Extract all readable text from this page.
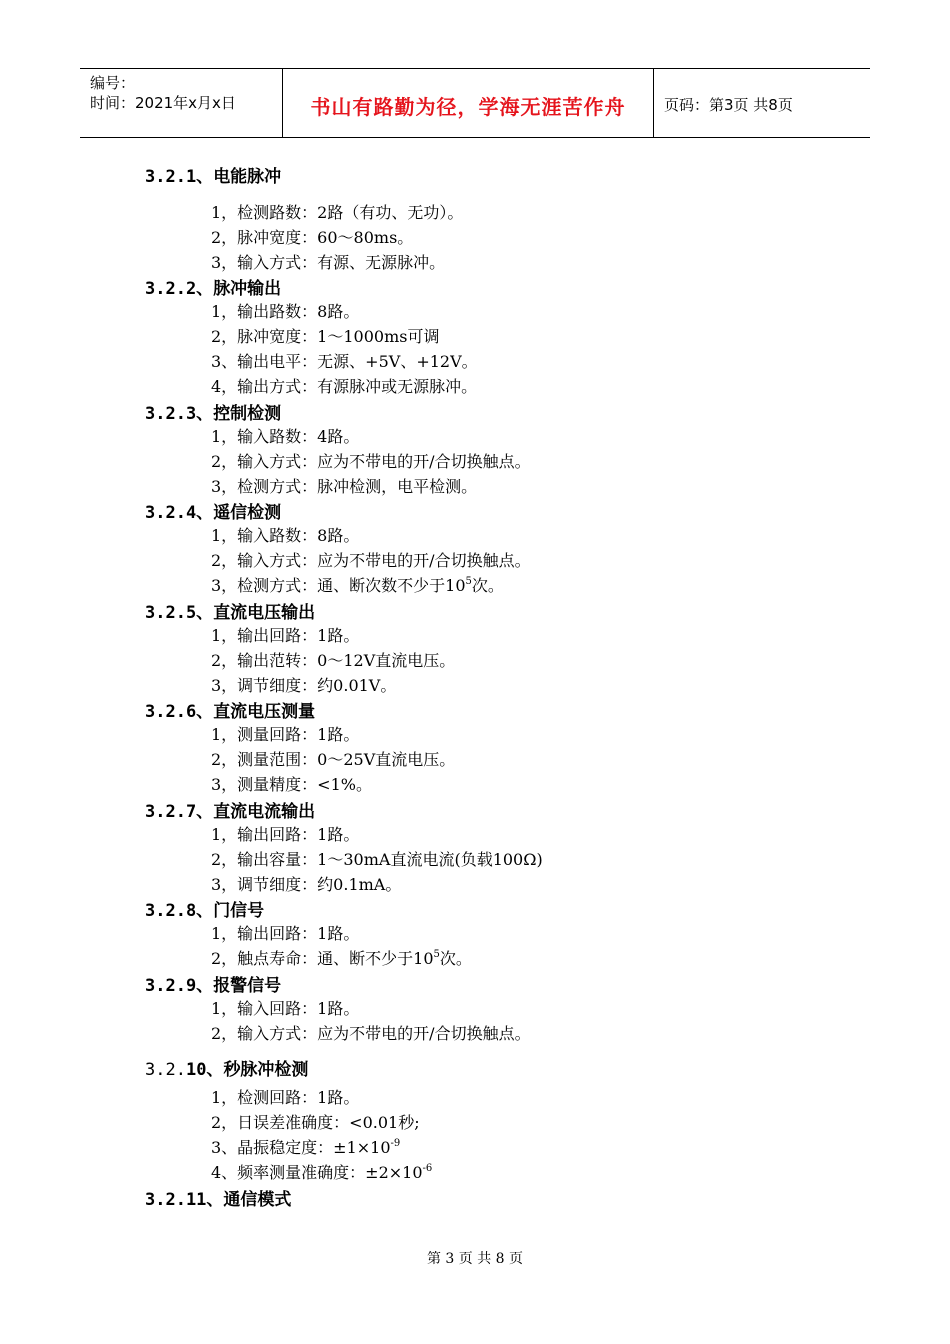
编号：
时间：2021年x月x日	书山有路勤为径，学海无涯苦作舟	页码：第3页 共8页
3.2.1、电能脉冲
1，检测路数：2路（有功、无功）。
2，脉冲宽度：60～80ms。
3，输入方式：有源、无源脉冲。
3.2.2、脉冲输出
1，输出路数：8路。
2，脉冲宽度：1～1000ms可调
3、输出电平：无源、+5V、+12V。
4，输出方式：有源脉冲或无源脉冲。
3.2.3、控制检测
1，输入路数：4路。
2，输入方式：应为不带电的开/合切换触点。
3，检测方式：脉冲检测，电平检测。
3.2.4、遥信检测
1，输入路数：8路。
2，输入方式：应为不带电的开/合切换触点。
3，检测方式：通、断次数不少于$10^5$次。
3.2.5、直流电压输出
1，输出回路：1路。
2，输出范转：0～12V直流电压。
3，调节细度：约0.01V。
3.2.6、直流电压测量
1，测量回路：1路。
2，测量范围：0～25V直流电压。
3，测量精度：<1%。
3.2.7、直流电流输出
1，输出回路：1路。
2，输出容量：1～30mA直流电流(负载100Ω)
3，调节细度：约0.1mA。
3.2.8、门信号
1，输出回路：1路。
2，触点寿命：通、断不少于$10^5$次。
3.2.9、报警信号
1，输入回路：1路。
2，输入方式：应为不带电的开/合切换触点。
3.2.10、秒脉冲检测
1，检测回路：1路。
2，日误差准确度：<0.01秒;
3、晶振稳定度：$\pm 1\times 10^{-9}$
4、频率测量准确度：$\pm 2\times 10^{-6}$
3.2.11、通信模式
第 3 页 共 8 页
